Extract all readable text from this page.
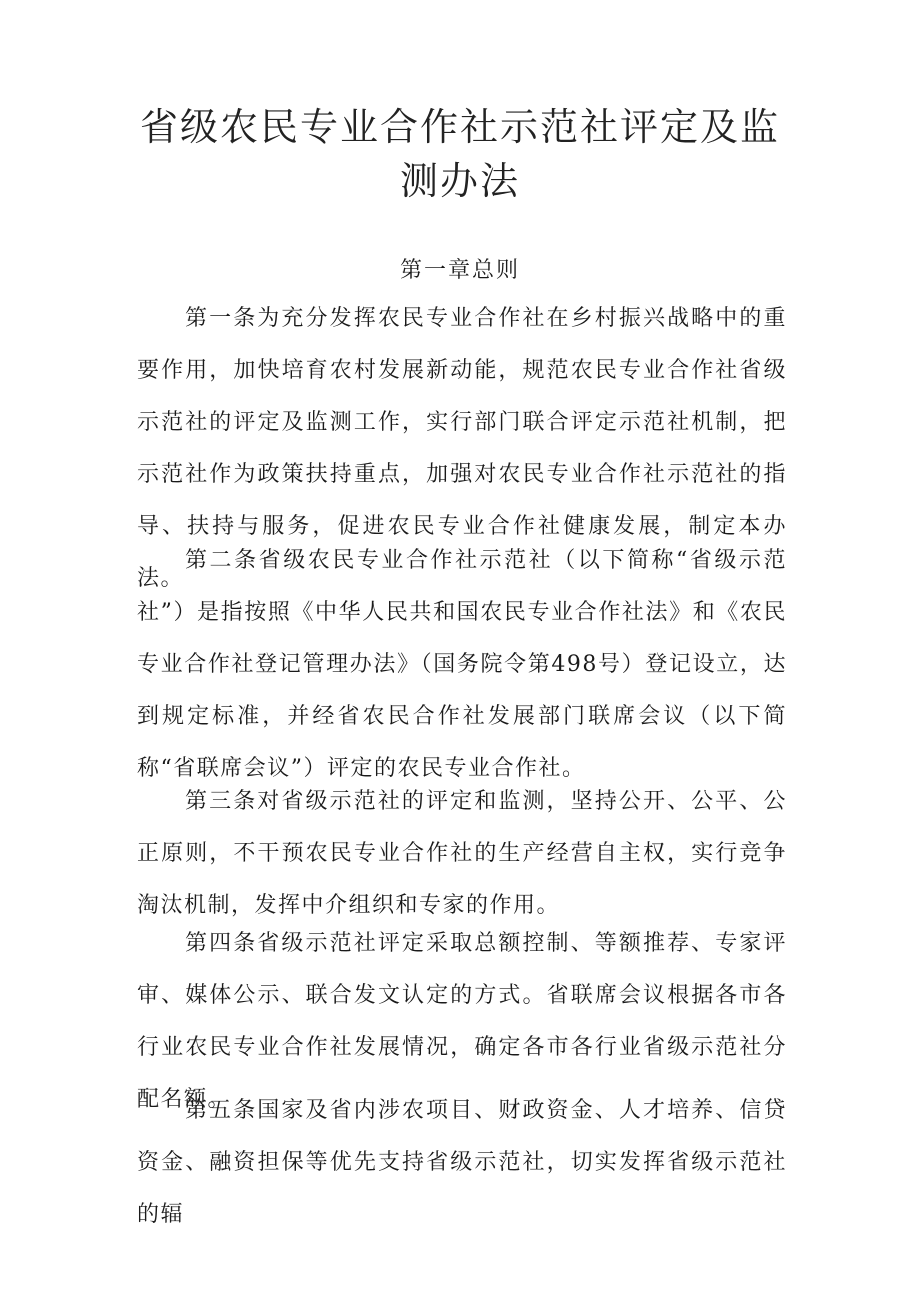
省级农民专业合作社示范社评定及监测办法
第一章总则

第一条为充分发挥农民专业合作社在乡村振兴战略中的重要作用，加快培育农村发展新动能，规范农民专业合作社省级示范社的评定及监测工作，实行部门联合评定示范社机制，把示范社作为政策扶持重点，加强对农民专业合作社示范社的指导、扶持与服务，促进农民专业合作社健康发展，制定本办法。

第二条省级农民专业合作社示范社（以下简称“省级示范社”）是指按照《中华人民共和国农民专业合作社法》和《农民专业合作社登记管理办法》（国务院令第498号）登记设立，达到规定标准，并经省农民合作社发展部门联席会议（以下简称“省联席会议”）评定的农民专业合作社。

第三条对省级示范社的评定和监测，坚持公开、公平、公正原则，不干预农民专业合作社的生产经营自主权，实行竞争淘汰机制，发挥中介组织和专家的作用。

第四条省级示范社评定采取总额控制、等额推荐、专家评审、媒体公示、联合发文认定的方式。省联席会议根据各市各行业农民专业合作社发展情况，确定各市各行业省级示范社分配名额。

第五条国家及省内涉农项目、财政资金、人才培养、信贷资金、融资担保等优先支持省级示范社，切实发挥省级示范社的辐
